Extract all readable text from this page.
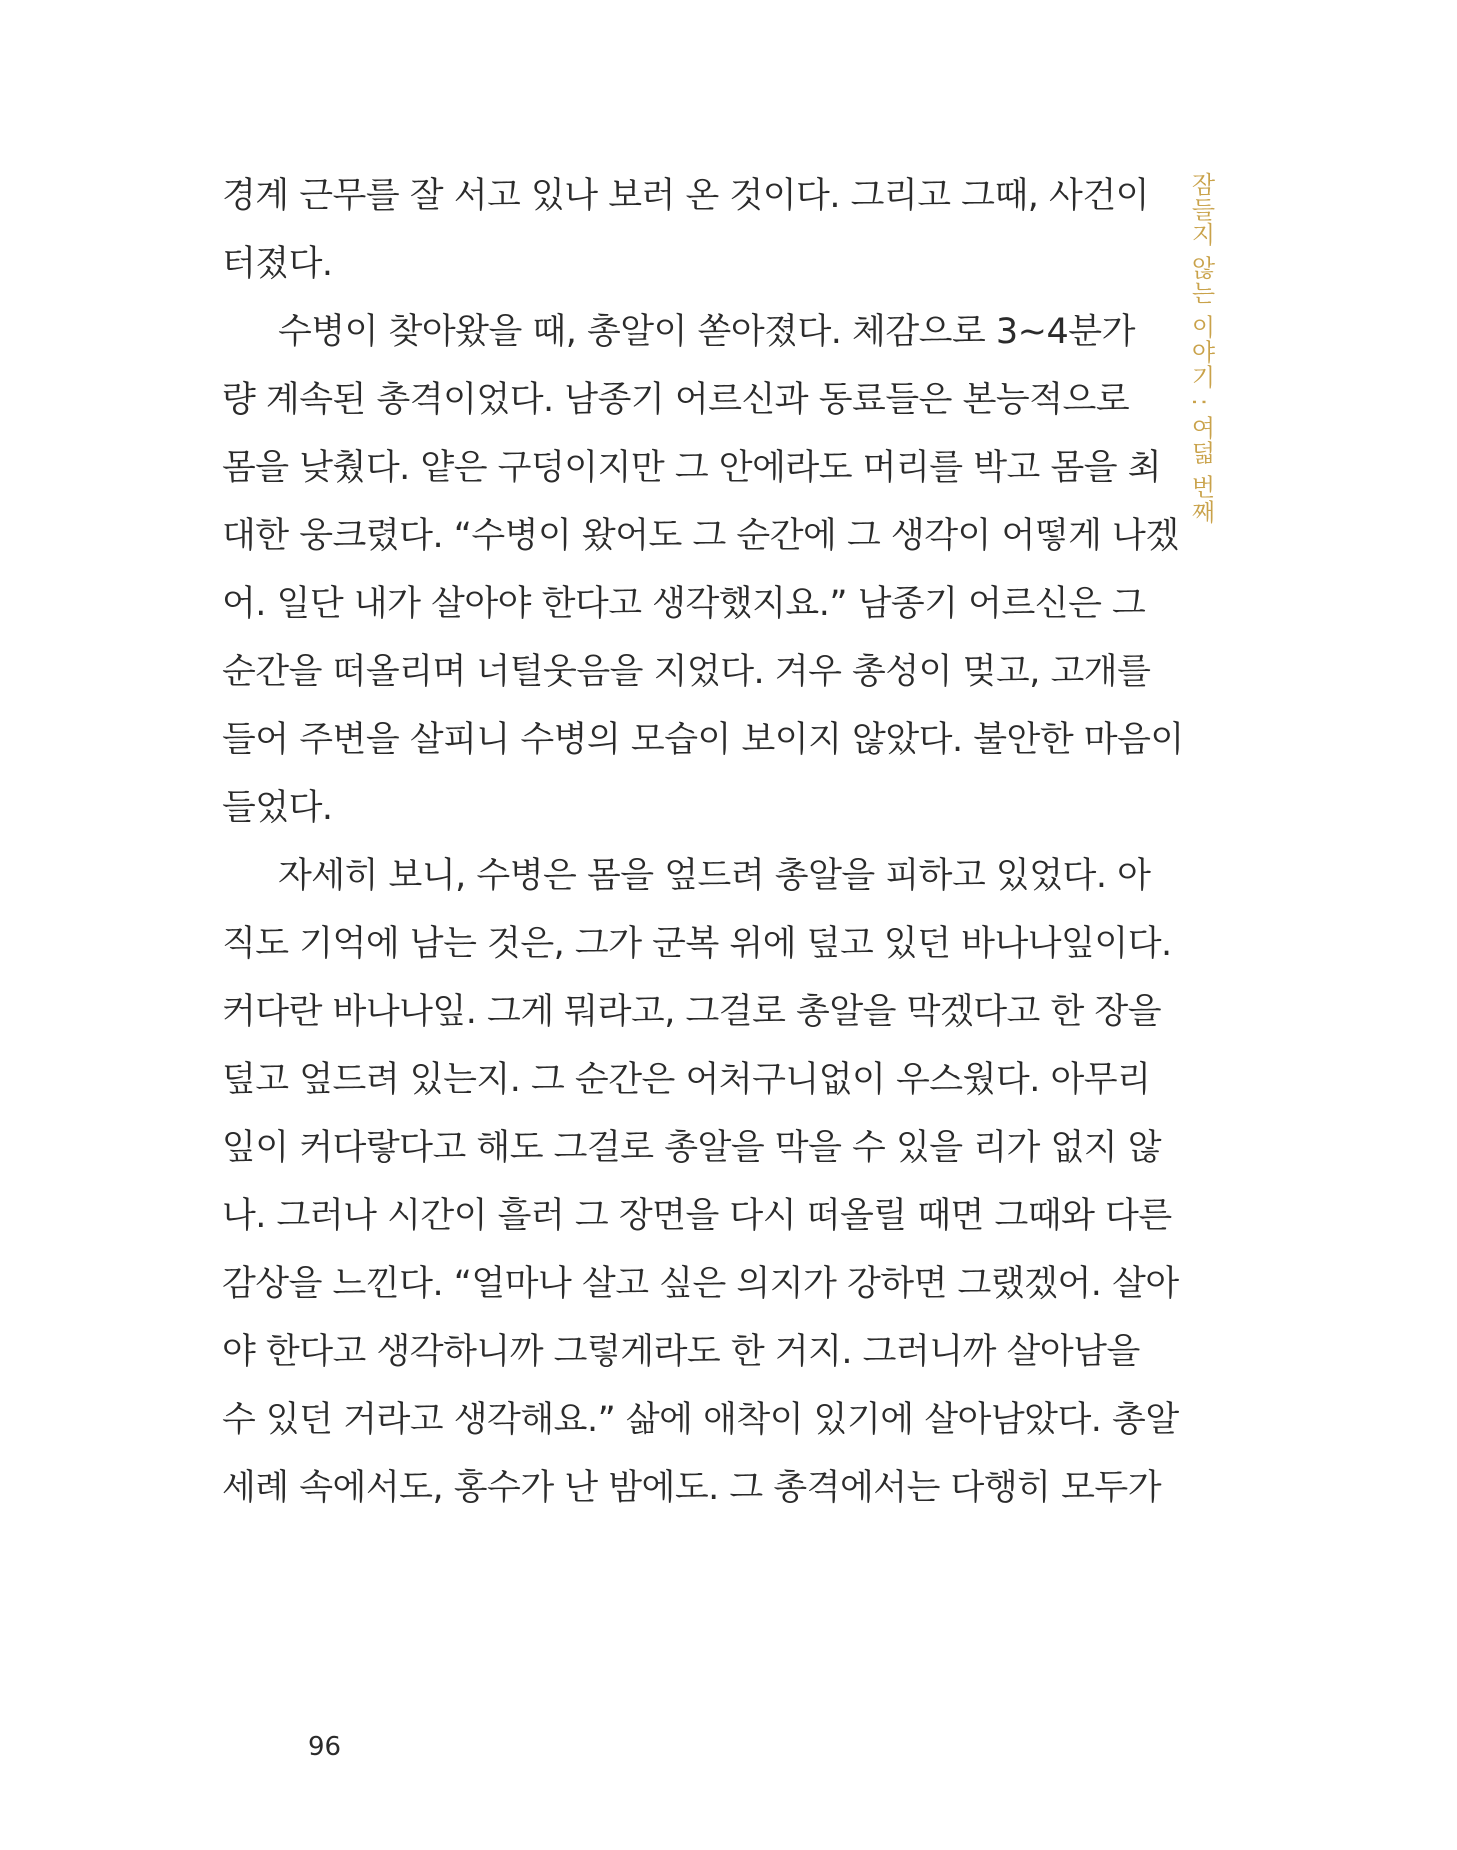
경계 근무를 잘 서고 있나 보러 온 것이다. 그리고 그때, 사건이
터졌다.
수병이 찾아왔을 때, 총알이 쏟아졌다. 체감으로 3~4분가
량 계속된 총격이었다. 남종기 어르신과 동료들은 본능적으로
몸을 낮췄다. 얕은 구덩이지만 그 안에라도 머리를 박고 몸을 최
대한 웅크렸다. “수병이 왔어도 그 순간에 그 생각이 어떻게 나겠
어. 일단 내가 살아야 한다고 생각했지요.” 남종기 어르신은 그
순간을 떠올리며 너털웃음을 지었다. 겨우 총성이 멎고, 고개를
들어 주변을 살피니 수병의 모습이 보이지 않았다. 불안한 마음이
들었다.
자세히 보니, 수병은 몸을 엎드려 총알을 피하고 있었다. 아
직도 기억에 남는 것은, 그가 군복 위에 덮고 있던 바나나잎이다.
커다란 바나나잎. 그게 뭐라고, 그걸로 총알을 막겠다고 한 장을
덮고 엎드려 있는지. 그 순간은 어처구니없이 우스웠다. 아무리
잎이 커다랗다고 해도 그걸로 총알을 막을 수 있을 리가 없지 않
나. 그러나 시간이 흘러 그 장면을 다시 떠올릴 때면 그때와 다른
감상을 느낀다. “얼마나 살고 싶은 의지가 강하면 그랬겠어. 살아
야 한다고 생각하니까 그렇게라도 한 거지. 그러니까 살아남을
수 있던 거라고 생각해요.” 삶에 애착이 있기에 살아남았다. 총알
세례 속에서도, 홍수가 난 밤에도. 그 총격에서는 다행히 모두가
잠들지 않는 이야기 : 여덟 번째
96
